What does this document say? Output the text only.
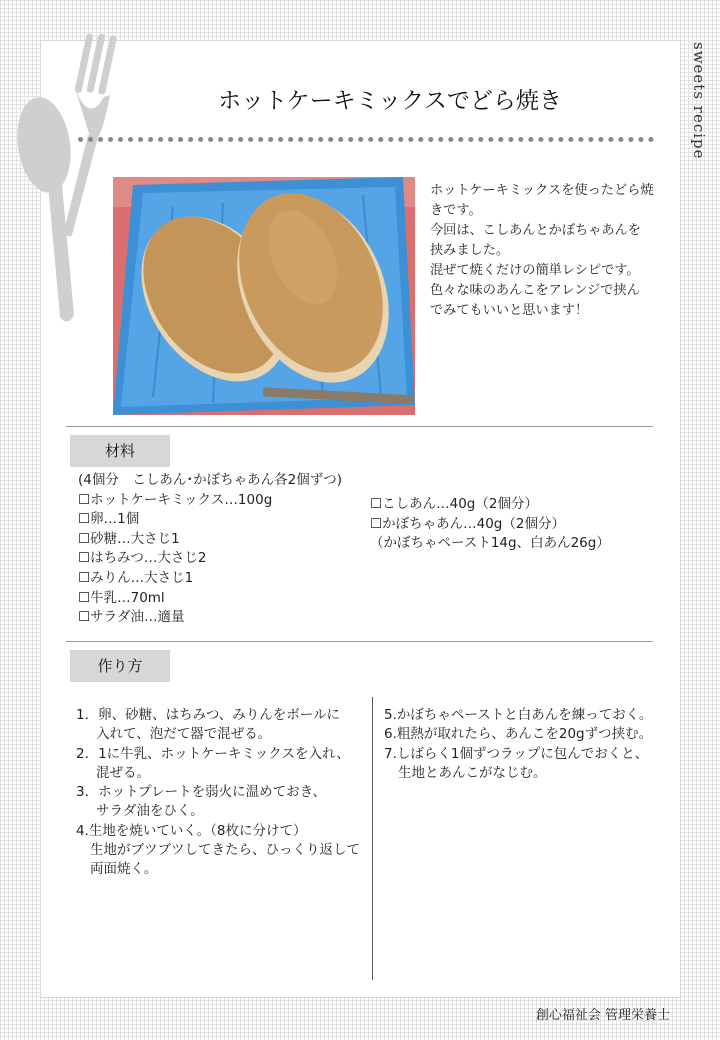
sweets recipe
ホットケーキミックスでどら焼き
ホットケーキミックスを使ったどら焼
きです。
今回は、こしあんとかぼちゃあんを
挟みました。
混ぜて焼くだけの簡単レシピです。
色々な味のあんこをアレンジで挟ん
でみてもいいと思います！
材料
(4個分　こしあん･かぼちゃあん各2個ずつ)
☐ホットケーキミックス…100g
☐卵…1個
☐砂糖…大さじ1
☐はちみつ…大さじ2
☐みりん…大さじ1
☐牛乳…70ml
☐サラダ油…適量
☐こしあん…40g（2個分）
☐かぼちゃあん…40g（2個分）
（かぼちゃペースト14g、白あん26g）
作り方
1．卵、砂糖、はちみつ、みりんをボールに
入れて、泡だて器で混ぜる。
2．1に牛乳、ホットケーキミックスを入れ、
混ぜる。
3．ホットプレートを弱火に温めておき、
サラダ油をひく。
4.生地を焼いていく。（8枚に分けて）
生地がブツブツしてきたら、ひっくり返して
両面焼く。
5.かぼちゃペーストと白あんを練っておく。
6.粗熱が取れたら、あんこを20gずつ挟む。
7.しばらく1個ずつラップに包んでおくと、
生地とあんこがなじむ。
創心福祉会 管理栄養士
